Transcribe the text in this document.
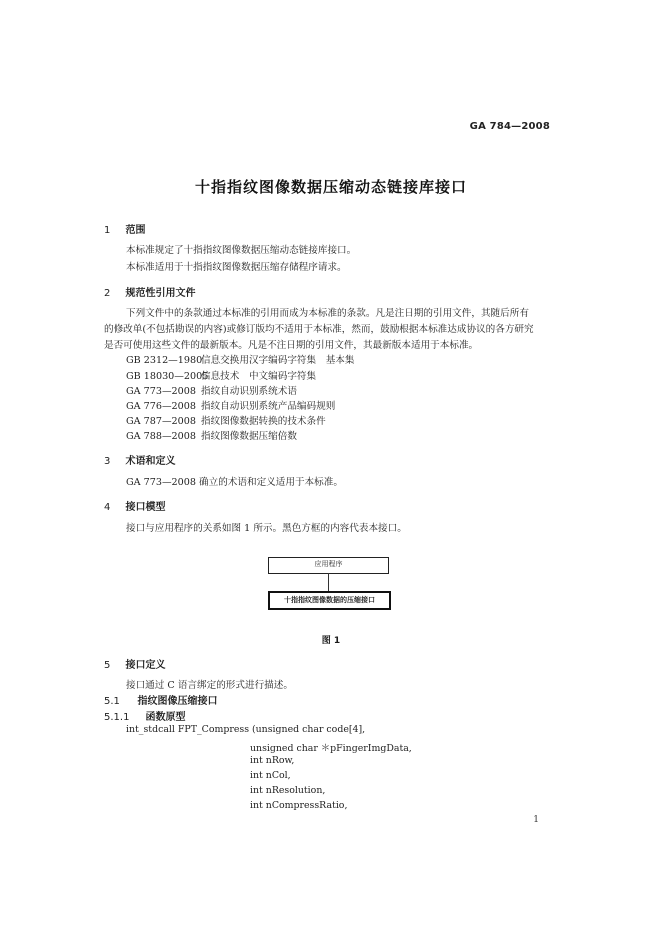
GA 784—2008
十指指纹图像数据压缩动态链接库接口
1 范围
本标准规定了十指指纹图像数据压缩动态链接库接口。
本标准适用于十指指纹图像数据压缩存储程序请求。
2 规范性引用文件
下列文件中的条款通过本标准的引用而成为本标准的条款。凡是注日期的引用文件，其随后所有
的修改单(不包括勘误的内容)或修订版均不适用于本标准，然而，鼓励根据本标准达成协议的各方研究
是否可使用这些文件的最新版本。凡是不注日期的引用文件，其最新版本适用于本标准。
GB 2312—1980信息交换用汉字编码字符集　基本集
GB 18030—2005信息技术　中文编码字符集
GA 773—2008 指纹自动识别系统术语
GA 776—2008 指纹自动识别系统产品编码规则
GA 787—2008 指纹图像数据转换的技术条件
GA 788—2008 指纹图像数据压缩倍数
3 术语和定义
GA 773—2008 确立的术语和定义适用于本标准。
4 接口模型
接口与应用程序的关系如图 1 所示。黑色方框的内容代表本接口。
应用程序
十指指纹图像数据的压缩接口
图 1
5 接口定义
接口通过 C 语言绑定的形式进行描述。
5.1 指纹图像压缩接口
5.1.1 函数原型
int_stdcall FPT_Compress (unsigned char code[4],
unsigned char ＊pFingerImgData,
int nRow,
int nCol,
int nResolution,
int nCompressRatio,
1
